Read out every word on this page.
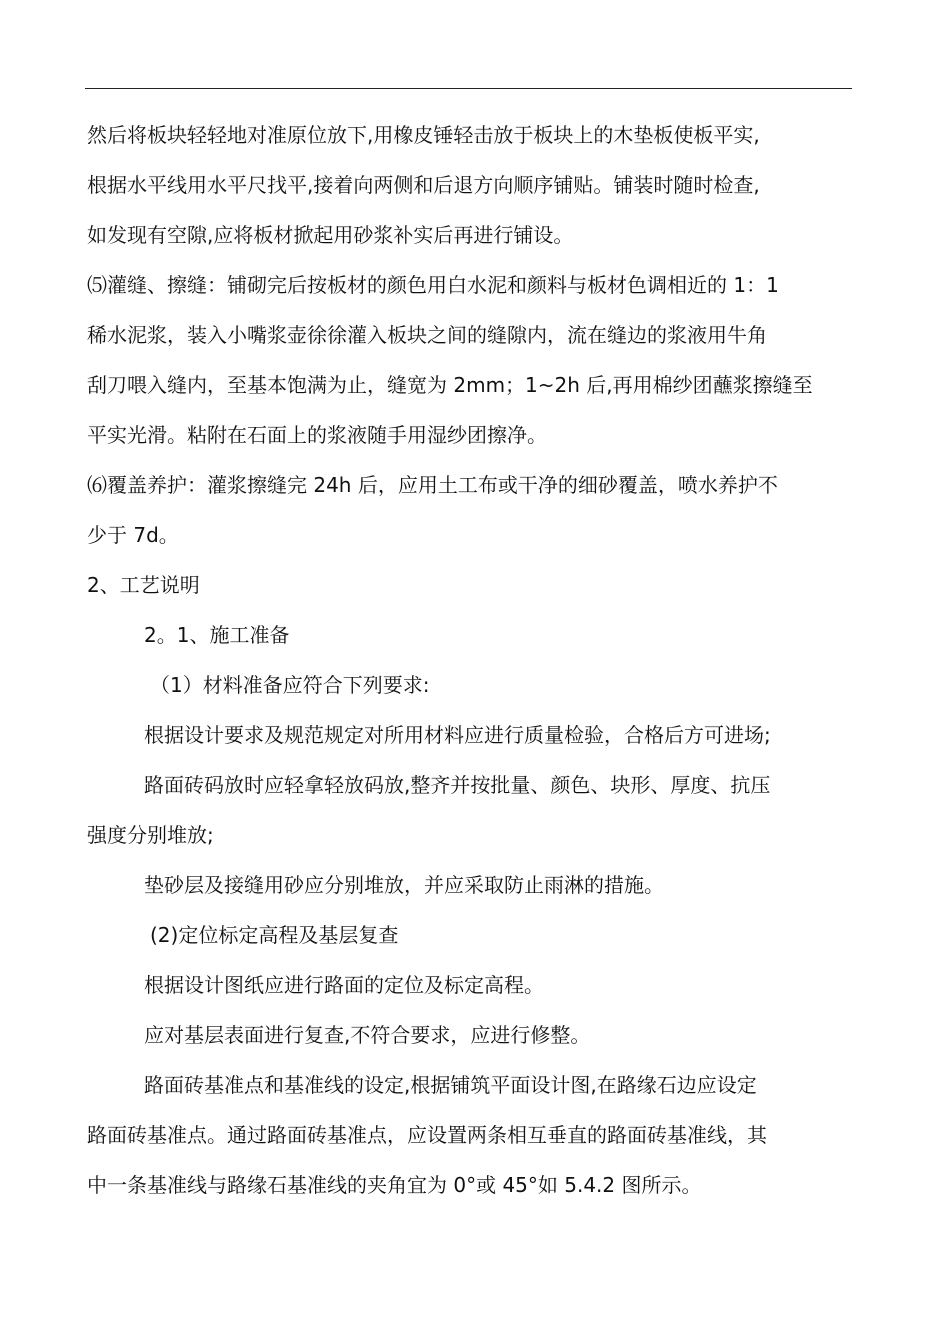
然后将板块轻轻地对准原位放下,用橡皮锤轻击放于板块上的木垫板使板平实,
根据水平线用水平尺找平,接着向两侧和后退方向顺序铺贴。铺装时随时检查,
如发现有空隙,应将板材掀起用砂浆补实后再进行铺设。
⑸灌缝、擦缝：铺砌完后按板材的颜色用白水泥和颜料与板材色调相近的 1：1
稀水泥浆，装入小嘴浆壶徐徐灌入板块之间的缝隙内，流在缝边的浆液用牛角
刮刀喂入缝内，至基本饱满为止，缝宽为 2mm；1~2h 后,再用棉纱团蘸浆擦缝至
平实光滑。粘附在石面上的浆液随手用湿纱团擦净。
⑹覆盖养护：灌浆擦缝完 24h 后，应用土工布或干净的细砂覆盖，喷水养护不
少于 7d。
2、工艺说明
2。1、施工准备
（1）材料准备应符合下列要求:
根据设计要求及规范规定对所用材料应进行质量检验，合格后方可进场;
路面砖码放时应轻拿轻放码放,整齐并按批量、颜色、块形、厚度、抗压
强度分别堆放;
垫砂层及接缝用砂应分别堆放，并应采取防止雨淋的措施。
(2)定位标定高程及基层复查
根据设计图纸应进行路面的定位及标定高程。
应对基层表面进行复查,不符合要求，应进行修整。
路面砖基准点和基准线的设定,根据铺筑平面设计图,在路缘石边应设定
路面砖基准点。通过路面砖基准点，应设置两条相互垂直的路面砖基准线，其
中一条基准线与路缘石基准线的夹角宜为 0°或 45°如 5.4.2 图所示。
